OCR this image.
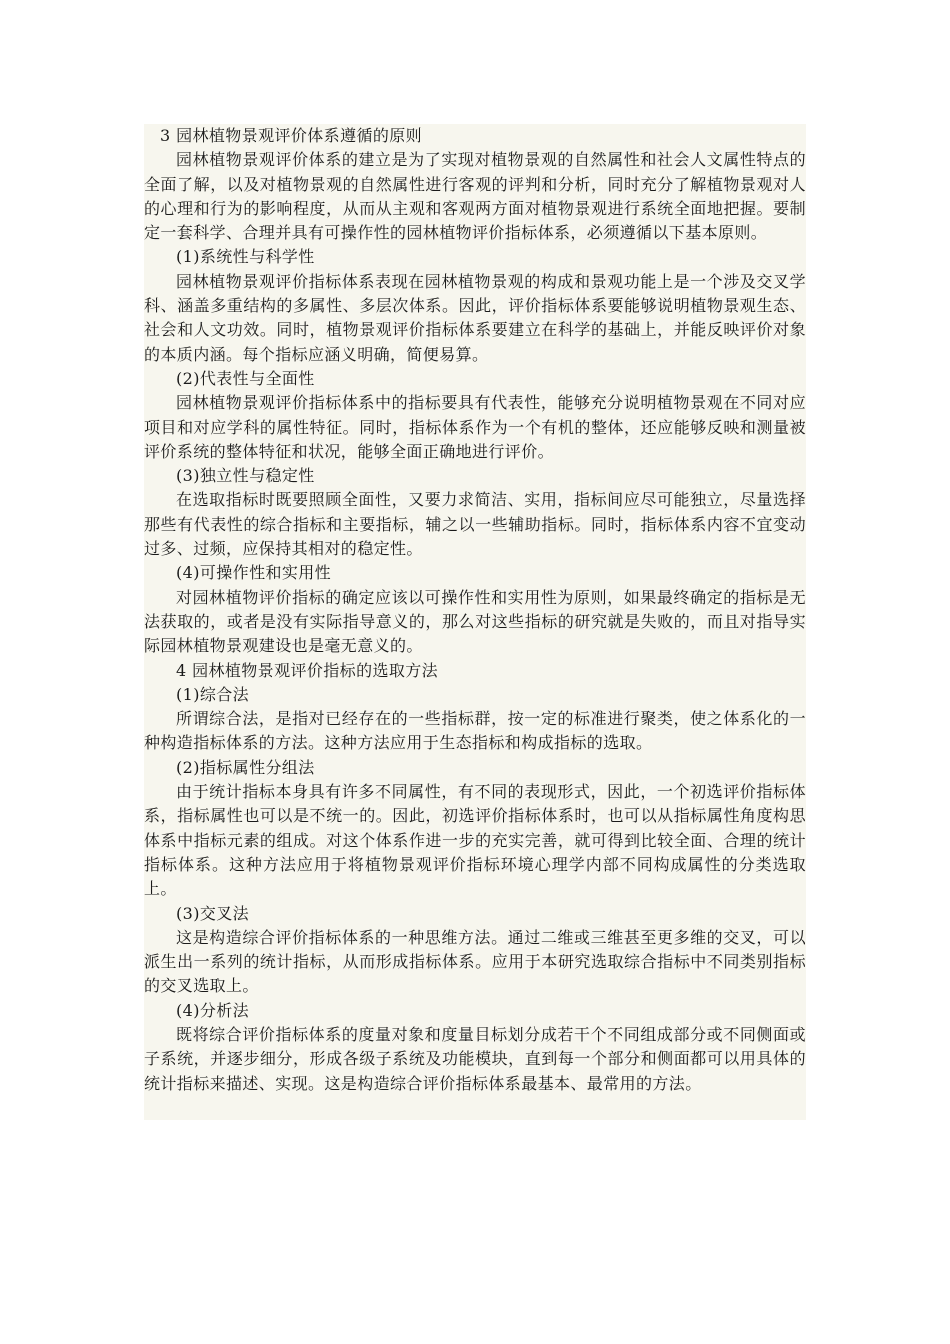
3 园林植物景观评价体系遵循的原则

园林植物景观评价体系的建立是为了实现对植物景观的自然属性和社会人文属性特点的全面了解，以及对植物景观的自然属性进行客观的评判和分析，同时充分了解植物景观对人的心理和行为的影响程度，从而从主观和客观两方面对植物景观进行系统全面地把握。要制定一套科学、合理并具有可操作性的园林植物评价指标体系，必须遵循以下基本原则。

(1)系统性与科学性

园林植物景观评价指标体系表现在园林植物景观的构成和景观功能上是一个涉及交叉学科、涵盖多重结构的多属性、多层次体系。因此，评价指标体系要能够说明植物景观生态、社会和人文功效。同时，植物景观评价指标体系要建立在科学的基础上，并能反映评价对象的本质内涵。每个指标应涵义明确，简便易算。

(2)代表性与全面性

园林植物景观评价指标体系中的指标要具有代表性，能够充分说明植物景观在不同对应项目和对应学科的属性特征。同时，指标体系作为一个有机的整体，还应能够反映和测量被评价系统的整体特征和状况，能够全面正确地进行评价。

(3)独立性与稳定性

在选取指标时既要照顾全面性，又要力求简洁、实用，指标间应尽可能独立，尽量选择那些有代表性的综合指标和主要指标，辅之以一些辅助指标。同时，指标体系内容不宜变动过多、过频，应保持其相对的稳定性。

(4)可操作性和实用性

对园林植物评价指标的确定应该以可操作性和实用性为原则，如果最终确定的指标是无法获取的，或者是没有实际指导意义的，那么对这些指标的研究就是失败的，而且对指导实际园林植物景观建设也是毫无意义的。

4 园林植物景观评价指标的选取方法

(1)综合法

所谓综合法，是指对已经存在的一些指标群，按一定的标准进行聚类，使之体系化的一种构造指标体系的方法。这种方法应用于生态指标和构成指标的选取。

(2)指标属性分组法

由于统计指标本身具有许多不同属性，有不同的表现形式，因此，一个初选评价指标体系，指标属性也可以是不统一的。因此，初选评价指标体系时，也可以从指标属性角度构思体系中指标元素的组成。对这个体系作进一步的充实完善，就可得到比较全面、合理的统计指标体系。这种方法应用于将植物景观评价指标环境心理学内部不同构成属性的分类选取上。

(3)交叉法

这是构造综合评价指标体系的一种思维方法。通过二维或三维甚至更多维的交叉，可以派生出一系列的统计指标，从而形成指标体系。应用于本研究选取综合指标中不同类别指标的交叉选取上。

(4)分析法

既将综合评价指标体系的度量对象和度量目标划分成若干个不同组成部分或不同侧面或子系统，并逐步细分，形成各级子系统及功能模块，直到每一个部分和侧面都可以用具体的统计指标来描述、实现。这是构造综合评价指标体系最基本、最常用的方法。
